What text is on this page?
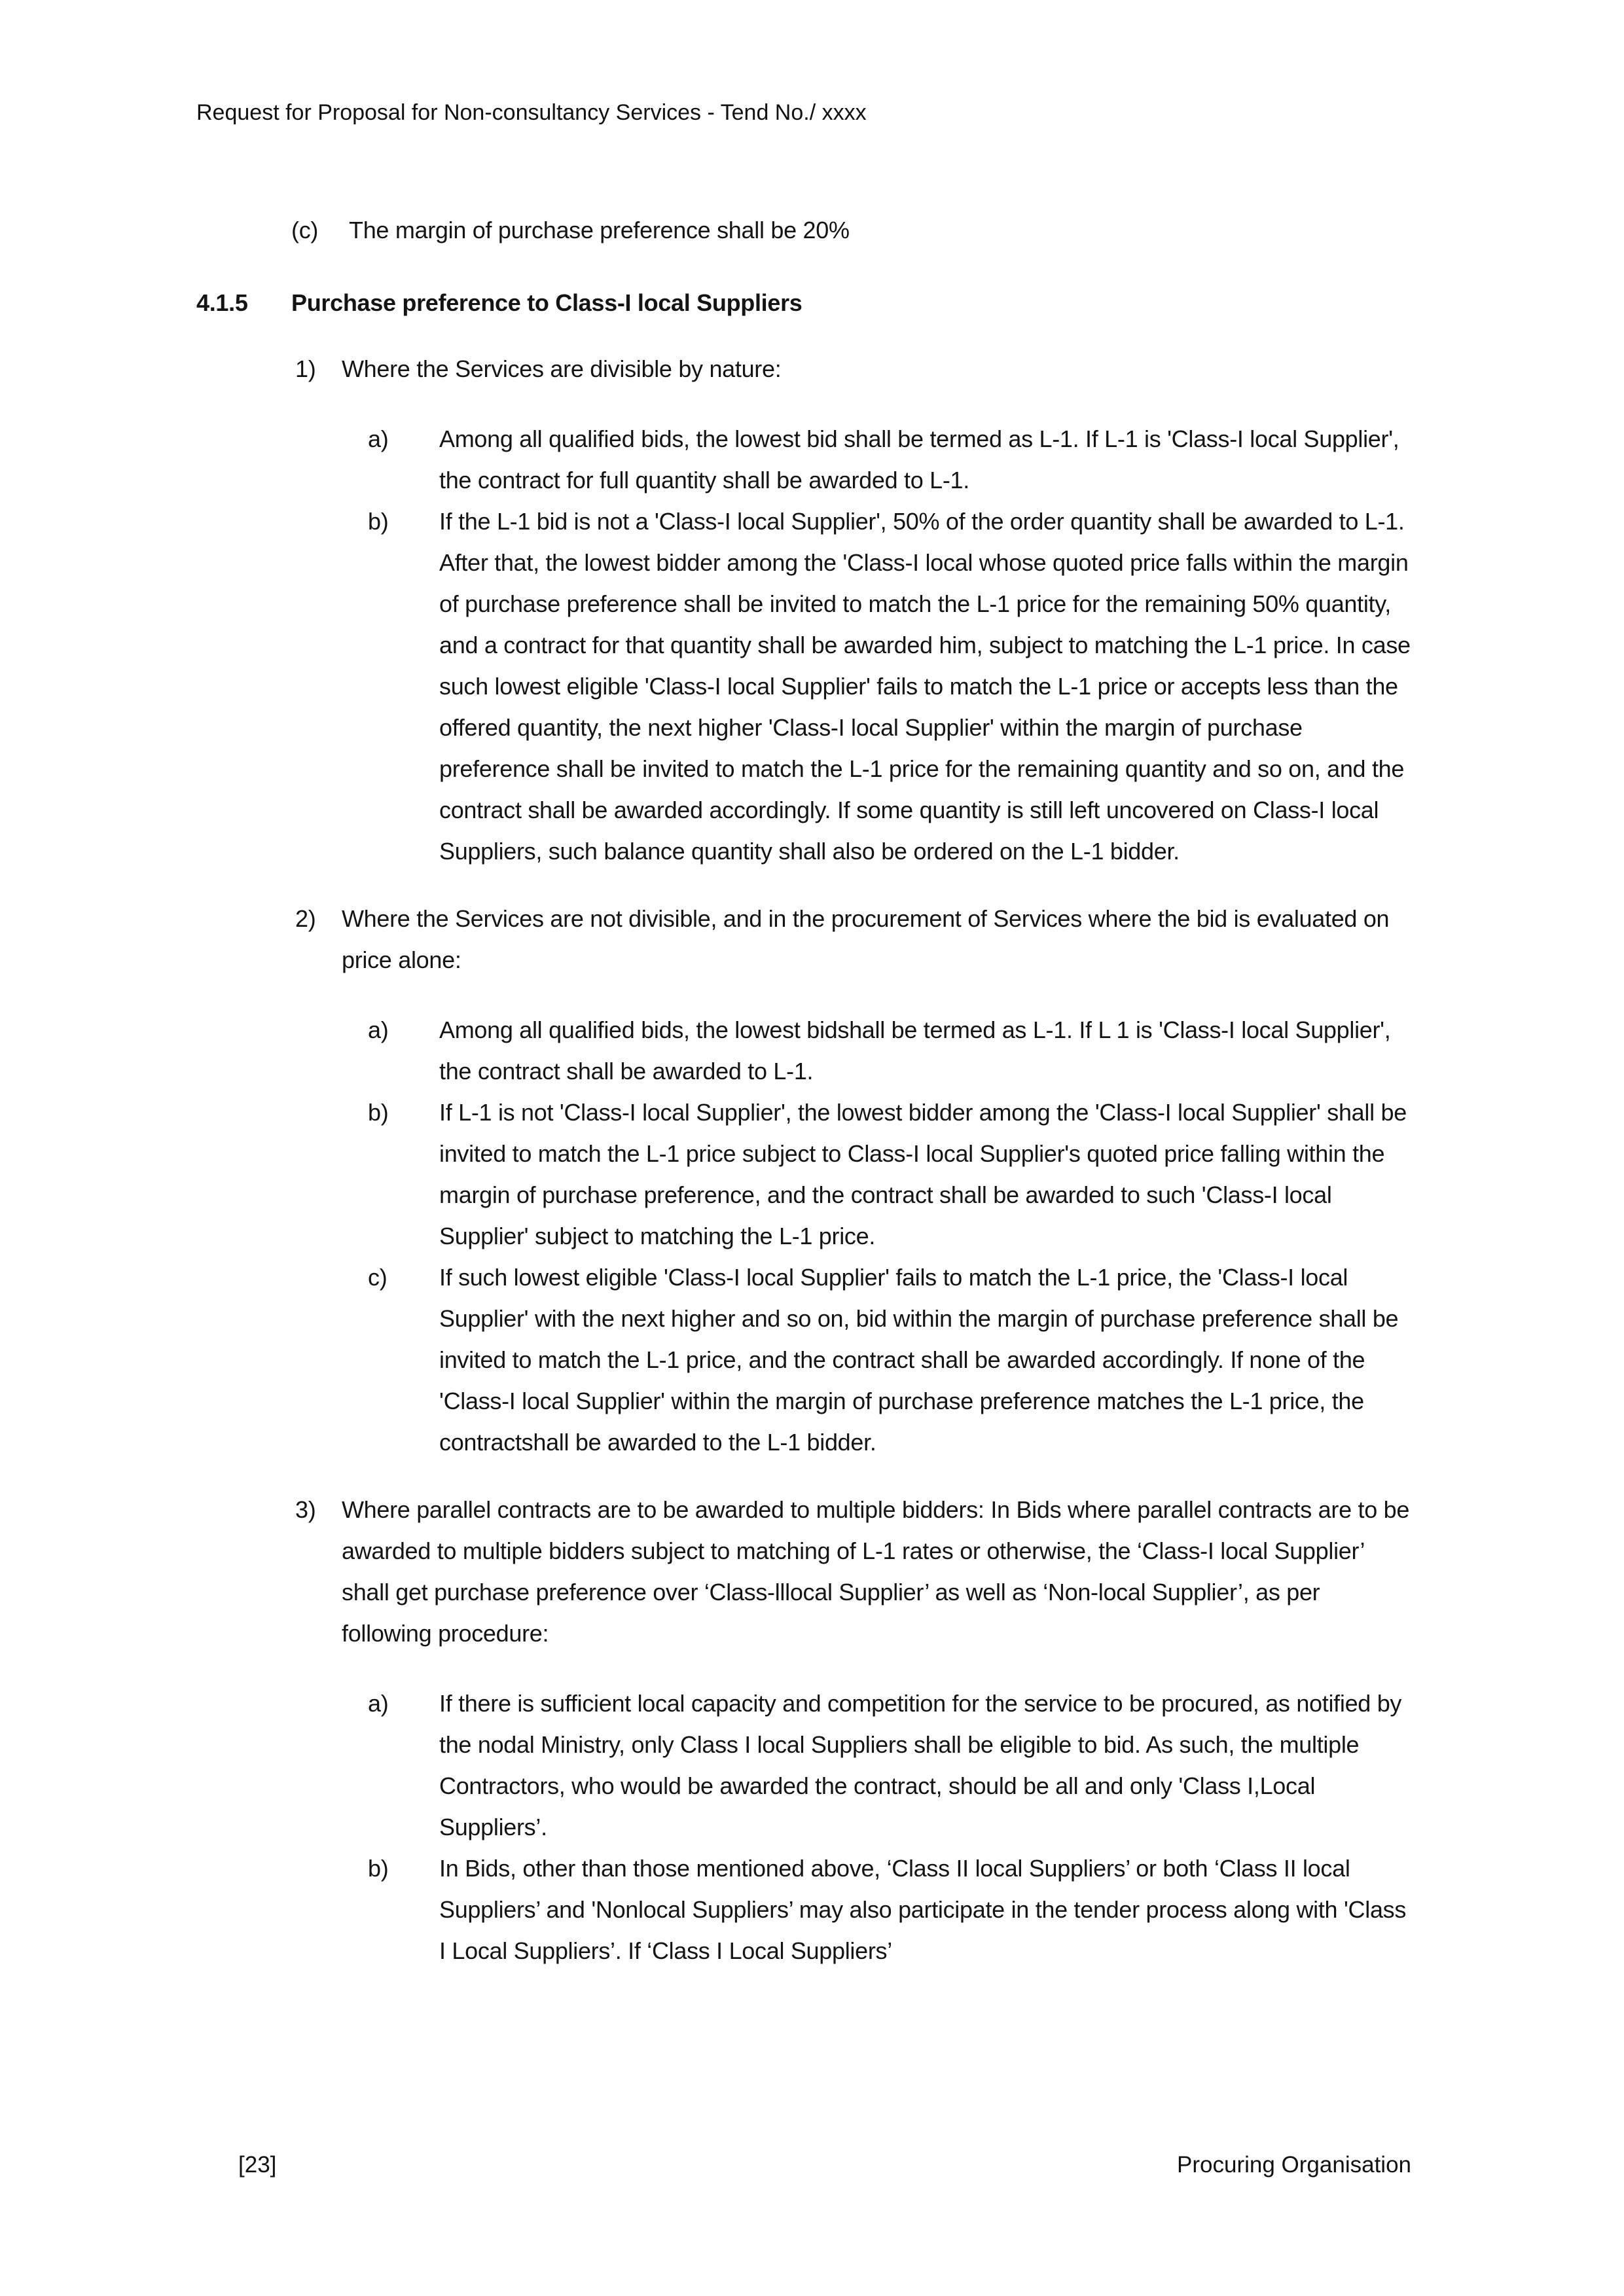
Request for Proposal for Non-consultancy Services - Tend No./ xxxx
(c)	The margin of purchase preference shall be 20%
4.1.5	Purchase preference to Class-I local Suppliers
1)	Where the Services are divisible by nature:
a)	Among all qualified bids, the lowest bid shall be termed as L-1. If L-1 is 'Class-I local Supplier', the contract for full quantity shall be awarded to L-1.
b)	If the L-1 bid is not a 'Class-I local Supplier', 50% of the order quantity shall be awarded to L-1. After that, the lowest bidder among the 'Class-I local whose quoted price falls within the margin of purchase preference shall be invited to match the L-1 price for the remaining 50% quantity, and a contract for that quantity shall be awarded him, subject to matching the L-1 price. In case such lowest eligible 'Class-I local Supplier' fails to match the L-1 price or accepts less than the offered quantity, the next higher 'Class-I local Supplier' within the margin of purchase preference shall be invited to match the L-1 price for the remaining quantity and so on, and the contract shall be awarded accordingly. If some quantity is still left uncovered on Class-I local Suppliers, such balance quantity shall also be ordered on the L-1 bidder.
2)	Where the Services are not divisible, and in the procurement of Services where the bid is evaluated on price alone:
a)	Among all qualified bids, the lowest bidshall be termed as L-1. If L 1 is 'Class-I local Supplier', the contract shall be awarded to L-1.
b)	If L-1 is not 'Class-I local Supplier', the lowest bidder among the 'Class-I local Supplier' shall be invited to match the L-1 price subject to Class-I local Supplier's quoted price falling within the margin of purchase preference, and the contract shall be awarded to such 'Class-I local Supplier' subject to matching the L-1 price.
c)	If such lowest eligible 'Class-I local Supplier' fails to match the L-1 price, the 'Class-I local Supplier' with the next higher and so on, bid within the margin of purchase preference shall be invited to match the L-1 price, and the contract shall be awarded accordingly. If none of the 'Class-I local Supplier' within the margin of purchase preference matches the L-1 price, the contractshall be awarded to the L-1 bidder.
3)	Where parallel contracts are to be awarded to multiple bidders: In Bids where parallel contracts are to be awarded to multiple bidders subject to matching of L-1 rates or otherwise, the ‘Class-I local Supplier’ shall get purchase preference over ‘Class-lllocal Supplier’ as well as ‘Non-local Supplier’, as per following procedure:
a)	If there is sufficient local capacity and competition for the service to be procured, as notified by the nodal Ministry, only Class I local Suppliers shall be eligible to bid. As such, the multiple Contractors, who would be awarded the contract, should be all and only 'Class I,Local Suppliers’.
b)	In Bids, other than those mentioned above, ‘Class II local Suppliers’ or both ‘Class II local Suppliers’ and 'Nonlocal Suppliers’ may also participate in the tender process along with 'Class I Local Suppliers’. If ‘Class I Local Suppliers’
[23]	Procuring Organisation
